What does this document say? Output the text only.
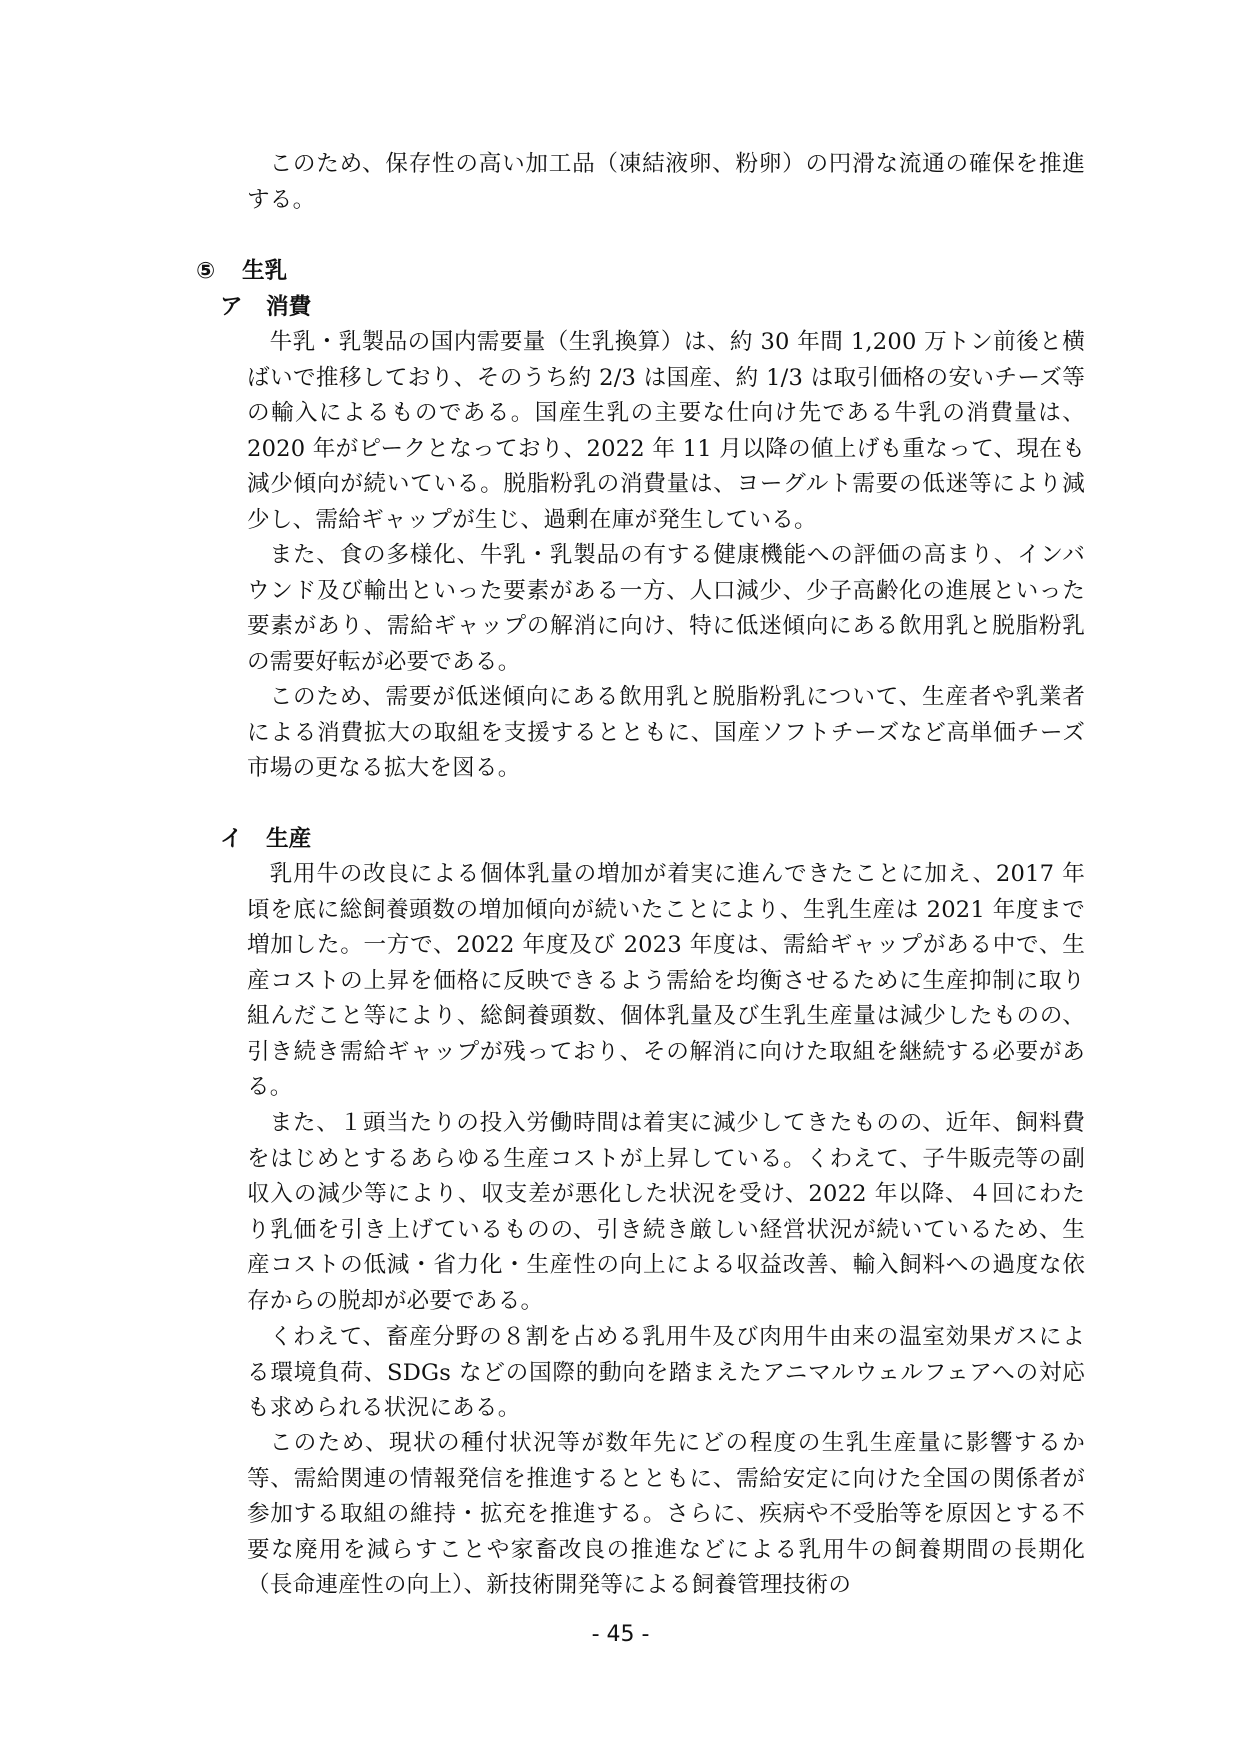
このため、保存性の高い加工品（凍結液卵、粉卵）の円滑な流通の確保を推進する。

⑤ 生乳
ア 消費

牛乳・乳製品の国内需要量（生乳換算）は、約 30 年間 1,200 万トン前後と横ばいで推移しており、そのうち約 2/3 は国産、約 1/3 は取引価格の安いチーズ等の輸入によるものである。国産生乳の主要な仕向け先である牛乳の消費量は、2020 年がピークとなっており、2022 年 11 月以降の値上げも重なって、現在も減少傾向が続いている。脱脂粉乳の消費量は、ヨーグルト需要の低迷等により減少し、需給ギャップが生じ、過剰在庫が発生している。

また、食の多様化、牛乳・乳製品の有する健康機能への評価の高まり、インバウンド及び輸出といった要素がある一方、人口減少、少子高齢化の進展といった要素があり、需給ギャップの解消に向け、特に低迷傾向にある飲用乳と脱脂粉乳の需要好転が必要である。

このため、需要が低迷傾向にある飲用乳と脱脂粉乳について、生産者や乳業者による消費拡大の取組を支援するとともに、国産ソフトチーズなど高単価チーズ市場の更なる拡大を図る。

イ 生産

乳用牛の改良による個体乳量の増加が着実に進んできたことに加え、2017 年頃を底に総飼養頭数の増加傾向が続いたことにより、生乳生産は 2021 年度まで増加した。一方で、2022 年度及び 2023 年度は、需給ギャップがある中で、生産コストの上昇を価格に反映できるよう需給を均衡させるために生産抑制に取り組んだこと等により、総飼養頭数、個体乳量及び生乳生産量は減少したものの、引き続き需給ギャップが残っており、その解消に向けた取組を継続する必要がある。

また、１頭当たりの投入労働時間は着実に減少してきたものの、近年、飼料費をはじめとするあらゆる生産コストが上昇している。くわえて、子牛販売等の副収入の減少等により、収支差が悪化した状況を受け、2022 年以降、４回にわたり乳価を引き上げているものの、引き続き厳しい経営状況が続いているため、生産コストの低減・省力化・生産性の向上による収益改善、輸入飼料への過度な依存からの脱却が必要である。

くわえて、畜産分野の８割を占める乳用牛及び肉用牛由来の温室効果ガスによる環境負荷、SDGs などの国際的動向を踏まえたアニマルウェルフェアへの対応も求められる状況にある。

このため、現状の種付状況等が数年先にどの程度の生乳生産量に影響するか等、需給関連の情報発信を推進するとともに、需給安定に向けた全国の関係者が参加する取組の維持・拡充を推進する。さらに、疾病や不受胎等を原因とする不要な廃用を減らすことや家畜改良の推進などによる乳用牛の飼養期間の長期化（長命連産性の向上）、新技術開発等による飼養管理技術の

- 45 -
